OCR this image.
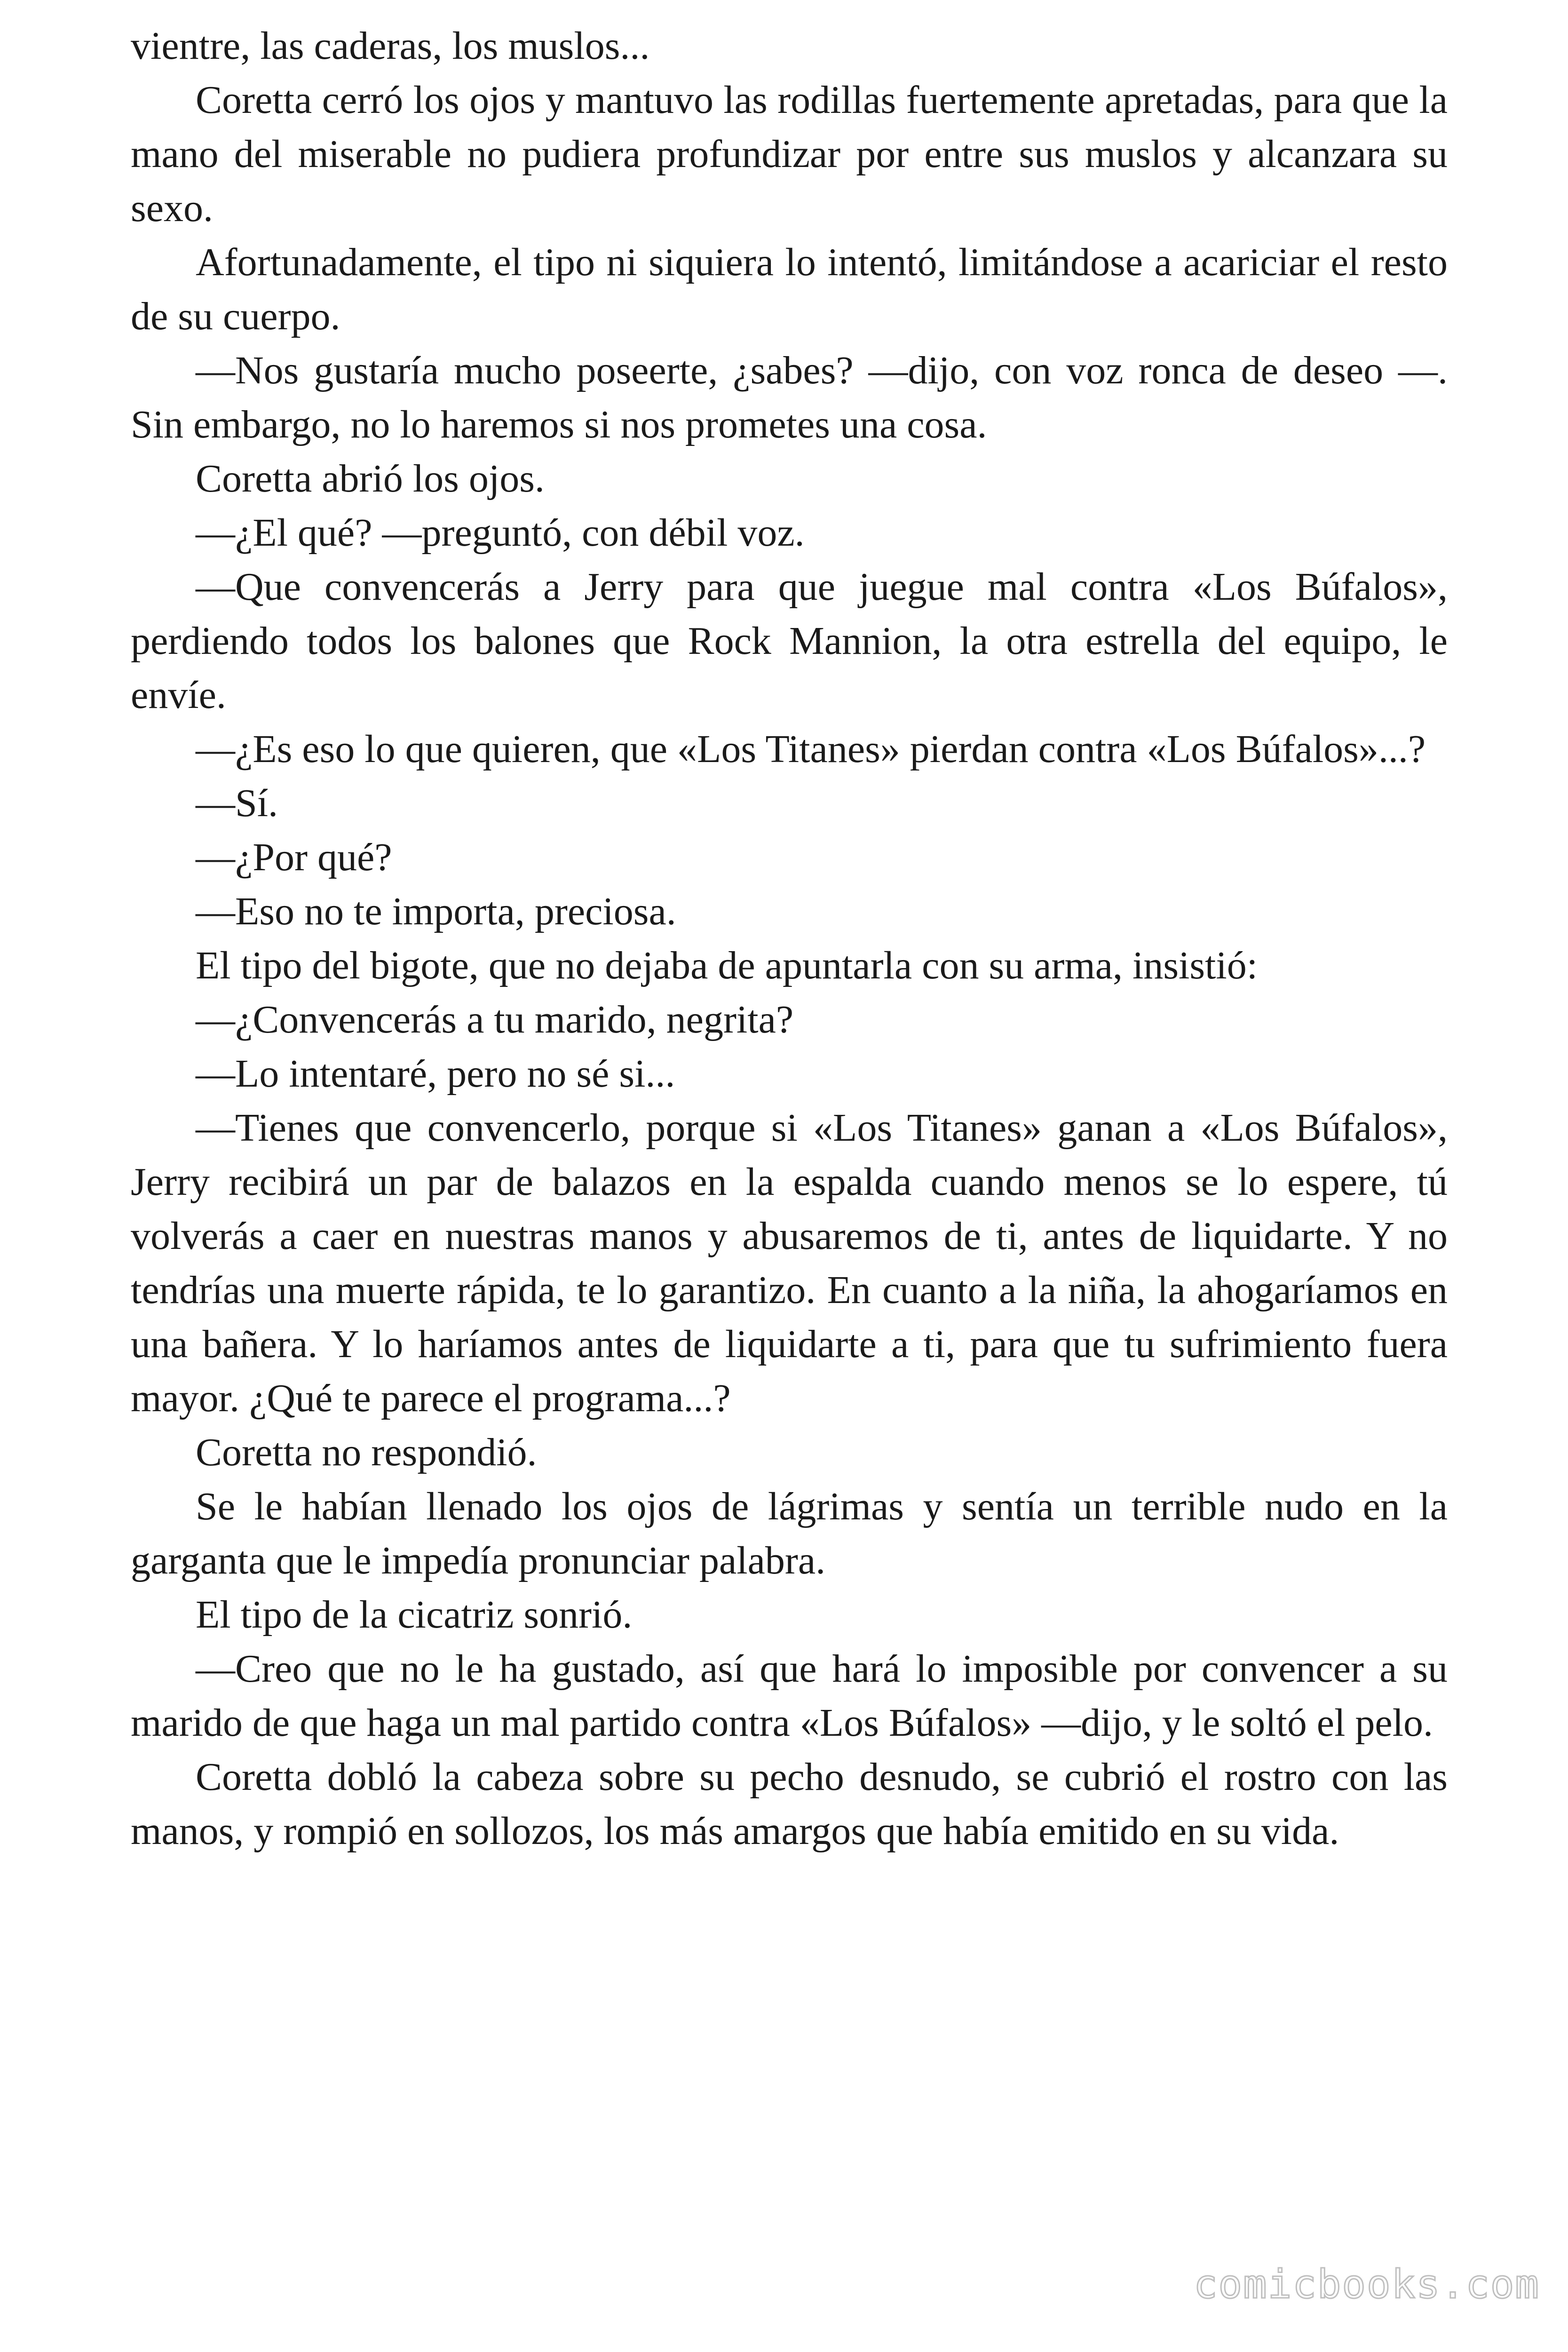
vientre, las caderas, los muslos...

Coretta cerró los ojos y mantuvo las rodillas fuertemente apretadas, para que la mano del miserable no pudiera profundizar por entre sus muslos y alcanzara su sexo.

Afortunadamente, el tipo ni siquiera lo intentó, limitándose a acariciar el resto de su cuerpo.

—Nos gustaría mucho poseerte, ¿sabes? —dijo, con voz ronca de deseo —. Sin embargo, no lo haremos si nos prometes una cosa.

Coretta abrió los ojos.

—¿El qué? —preguntó, con débil voz.

—Que convencerás a Jerry para que juegue mal contra «Los Búfalos», perdiendo todos los balones que Rock Mannion, la otra estrella del equipo, le envíe.

—¿Es eso lo que quieren, que «Los Titanes» pierdan contra «Los Búfalos»...?

—Sí.

—¿Por qué?

—Eso no te importa, preciosa.

El tipo del bigote, que no dejaba de apuntarla con su arma, insistió:

—¿Convencerás a tu marido, negrita?

—Lo intentaré, pero no sé si...

—Tienes que convencerlo, porque si «Los Titanes» ganan a «Los Búfalos», Jerry recibirá un par de balazos en la espalda cuando menos se lo espere, tú volverás a caer en nuestras manos y abusaremos de ti, antes de liquidarte. Y no tendrías una muerte rápida, te lo garantizo. En cuanto a la niña, la ahogaríamos en una bañera. Y lo haríamos antes de liquidarte a ti, para que tu sufrimiento fuera mayor. ¿Qué te parece el programa...?

Coretta no respondió.

Se le habían llenado los ojos de lágrimas y sentía un terrible nudo en la garganta que le impedía pronunciar palabra.

El tipo de la cicatriz sonrió.

—Creo que no le ha gustado, así que hará lo imposible por convencer a su marido de que haga un mal partido contra «Los Búfalos» —dijo, y le soltó el pelo.

Coretta dobló la cabeza sobre su pecho desnudo, se cubrió el rostro con las manos, y rompió en sollozos, los más amargos que había emitido en su vida.

comicbooks.com
